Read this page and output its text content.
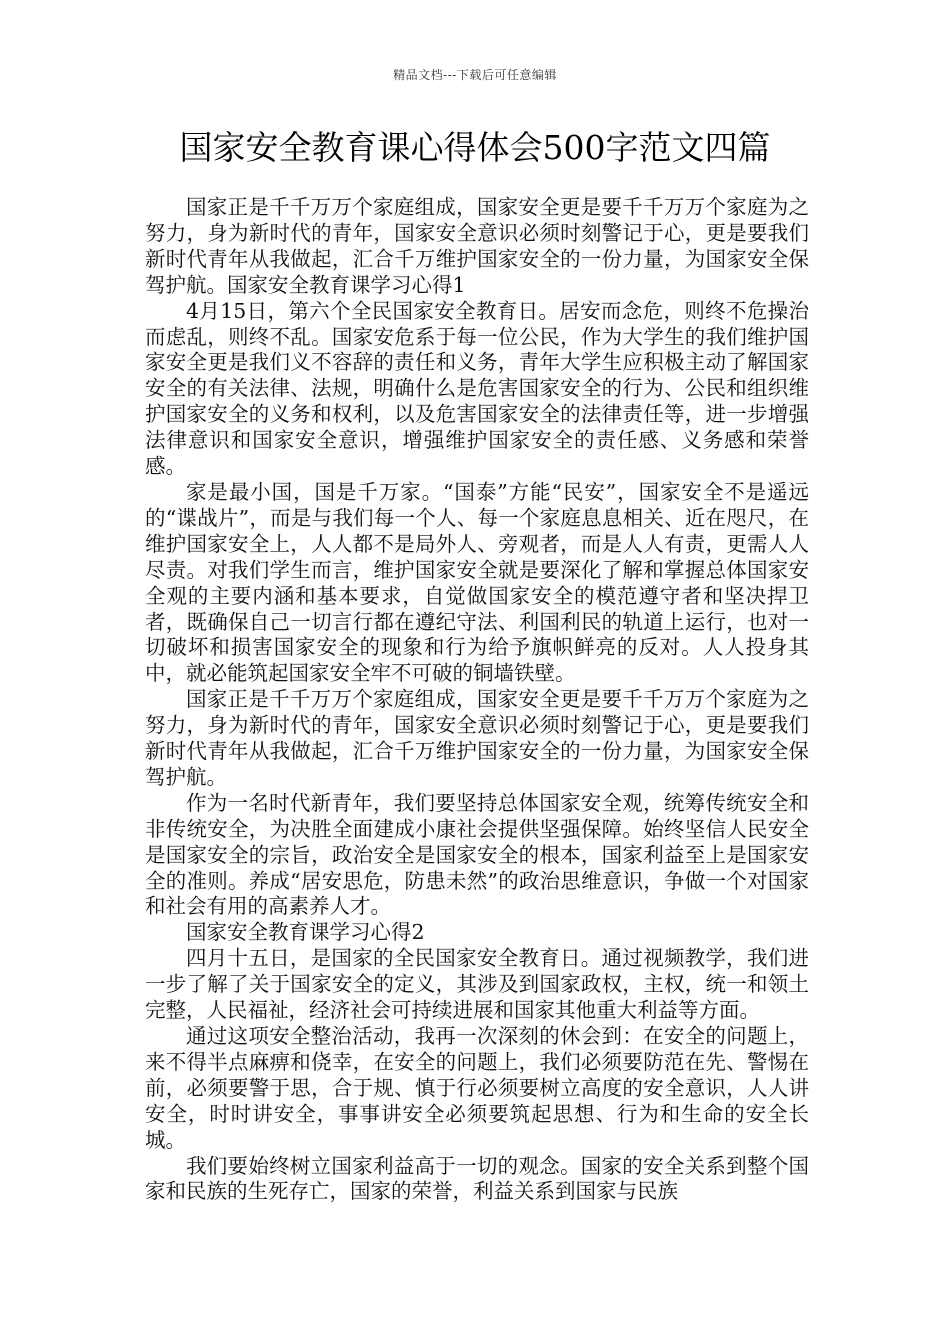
精品文档---下载后可任意编辑
国家安全教育课心得体会500字范文四篇

国家正是千千万万个家庭组成，国家安全更是要千千万万个家庭为之努力，身为新时代的青年，国家安全意识必须时刻警记于心，更是要我们新时代青年从我做起，汇合千万维护国家安全的一份力量，为国家安全保驾护航。国家安全教育课学习心得1

4月15日，第六个全民国家安全教育日。居安而念危，则终不危操治而虑乱，则终不乱。国家安危系于每一位公民，作为大学生的我们维护国家安全更是我们义不容辞的责任和义务，青年大学生应积极主动了解国家安全的有关法律、法规，明确什么是危害国家安全的行为、公民和组织维护国家安全的义务和权利，以及危害国家安全的法律责任等，进一步增强法律意识和国家安全意识，增强维护国家安全的责任感、义务感和荣誉感。

家是最小国，国是千万家。“国泰”方能“民安”，国家安全不是遥远的“谍战片”，而是与我们每一个人、每一个家庭息息相关、近在咫尺，在维护国家安全上，人人都不是局外人、旁观者，而是人人有责，更需人人尽责。对我们学生而言，维护国家安全就是要深化了解和掌握总体国家安全观的主要内涵和基本要求，自觉做国家安全的模范遵守者和坚决捍卫者，既确保自己一切言行都在遵纪守法、利国利民的轨道上运行，也对一切破坏和损害国家安全的现象和行为给予旗帜鲜亮的反对。人人投身其中，就必能筑起国家安全牢不可破的铜墙铁壁。

国家正是千千万万个家庭组成，国家安全更是要千千万万个家庭为之努力，身为新时代的青年，国家安全意识必须时刻警记于心，更是要我们新时代青年从我做起，汇合千万维护国家安全的一份力量，为国家安全保驾护航。

作为一名时代新青年，我们要坚持总体国家安全观，统筹传统安全和非传统安全，为决胜全面建成小康社会提供坚强保障。始终坚信人民安全是国家安全的宗旨，政治安全是国家安全的根本，国家利益至上是国家安全的准则。养成“居安思危，防患未然”的政治思维意识，争做一个对国家和社会有用的高素养人才。

国家安全教育课学习心得2

四月十五日，是国家的全民国家安全教育日。通过视频教学，我们进一步了解了关于国家安全的定义，其涉及到国家政权，主权，统一和领土完整，人民福祉，经济社会可持续进展和国家其他重大利益等方面。

通过这项安全整治活动，我再一次深刻的休会到：在安全的问题上，来不得半点麻痹和侥幸，在安全的问题上，我们必须要防范在先、警惕在前，必须要警于思，合于规、慎于行必须要树立高度的安全意识，人人讲安全，时时讲安全，事事讲安全必须要筑起思想、行为和生命的安全长城。

我们要始终树立国家利益高于一切的观念。国家的安全关系到整个国家和民族的生死存亡，国家的荣誉，利益关系到国家与民族
